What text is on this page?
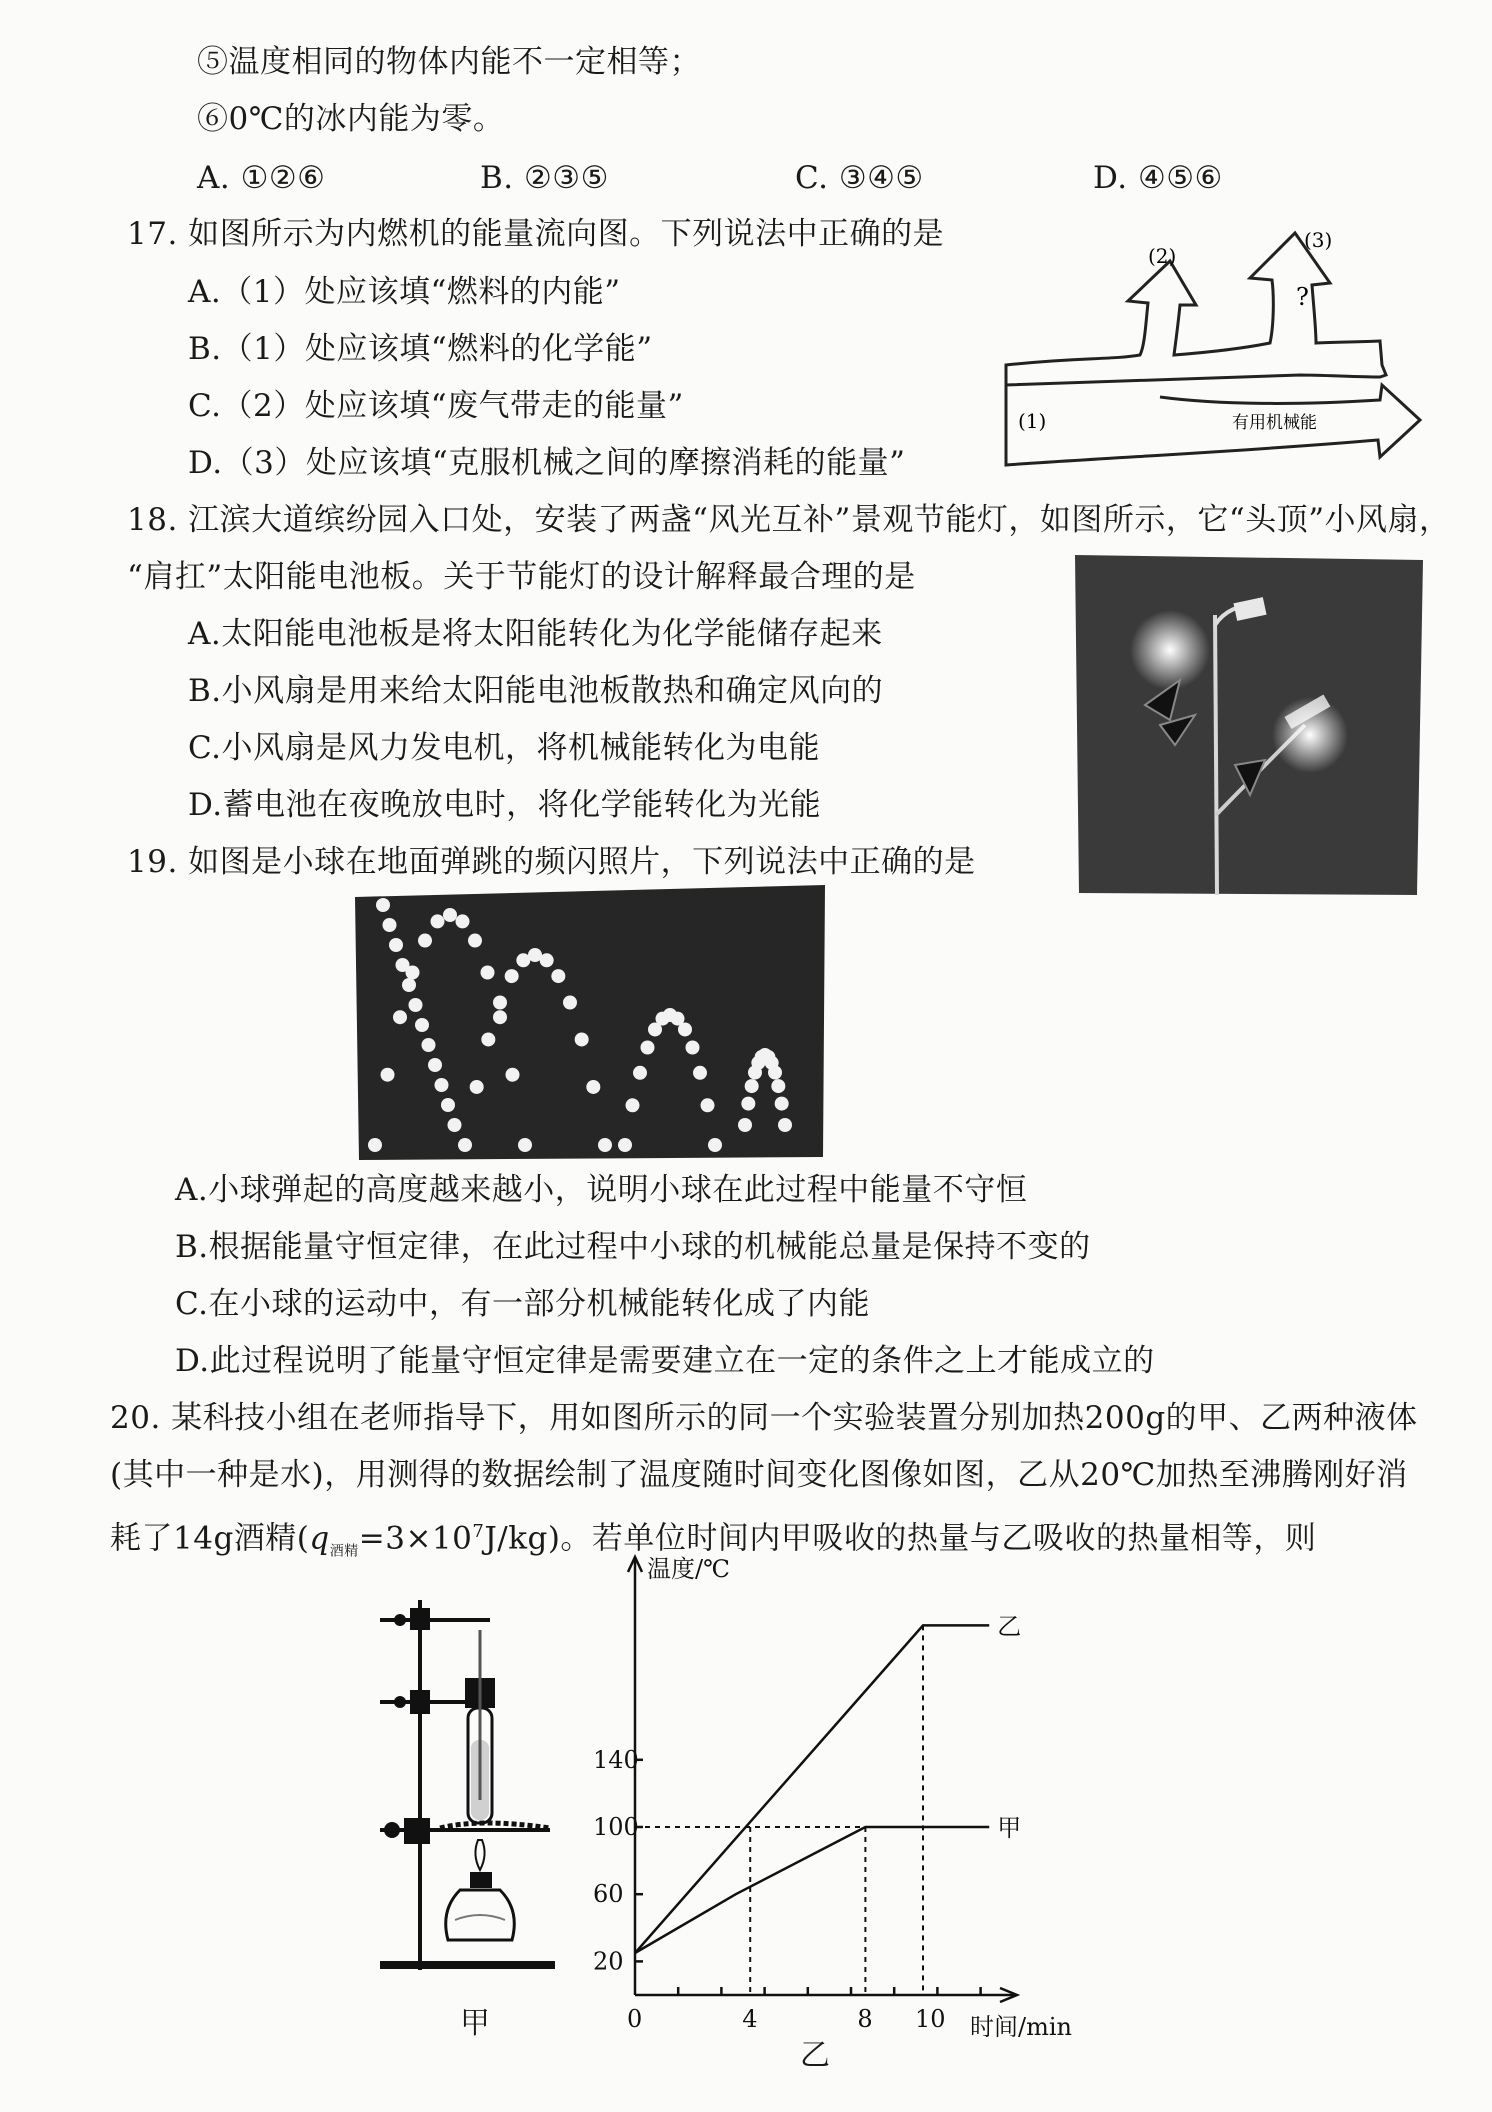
⑤温度相同的物体内能不一定相等；
⑥0℃的冰内能为零。
A. ①②⑥	B. ②③⑤	C. ③④⑤	D. ④⑤⑥
17. 如图所示为内燃机的能量流向图。下列说法中正确的是
A.（1）处应该填“燃料的内能”
B.（1）处应该填“燃料的化学能”
C.（2）处应该填“废气带走的能量”
D.（3）处应该填“克服机械之间的摩擦消耗的能量”
(1)
(2)
(3)
?
有用机械能
18. 江滨大道缤纷园入口处，安装了两盏“风光互补”景观节能灯，如图所示，它“头顶”小风扇，
“肩扛”太阳能电池板。关于节能灯的设计解释最合理的是
A.太阳能电池板是将太阳能转化为化学能储存起来
B.小风扇是用来给太阳能电池板散热和确定风向的
C.小风扇是风力发电机，将机械能转化为电能
D.蓄电池在夜晚放电时，将化学能转化为光能
19. 如图是小球在地面弹跳的频闪照片，下列说法中正确的是
A.小球弹起的高度越来越小，说明小球在此过程中能量不守恒
B.根据能量守恒定律，在此过程中小球的机械能总量是保持不变的
C.在小球的运动中，有一部分机械能转化成了内能
D.此过程说明了能量守恒定律是需要建立在一定的条件之上才能成立的
20. 某科技小组在老师指导下，用如图所示的同一个实验装置分别加热200g的甲、乙两种液体
(其中一种是水)，用测得的数据绘制了温度随时间变化图像如图，乙从20℃加热至沸腾刚好消
耗了14g酒精$(q_{酒精}=3\times 10^7J/kg)$。若单位时间内甲吸收的热量与乙吸收的热量相等，则
甲
20
60
100
140
0	4	8 10
温度/℃
时间/min
乙
甲
乙
